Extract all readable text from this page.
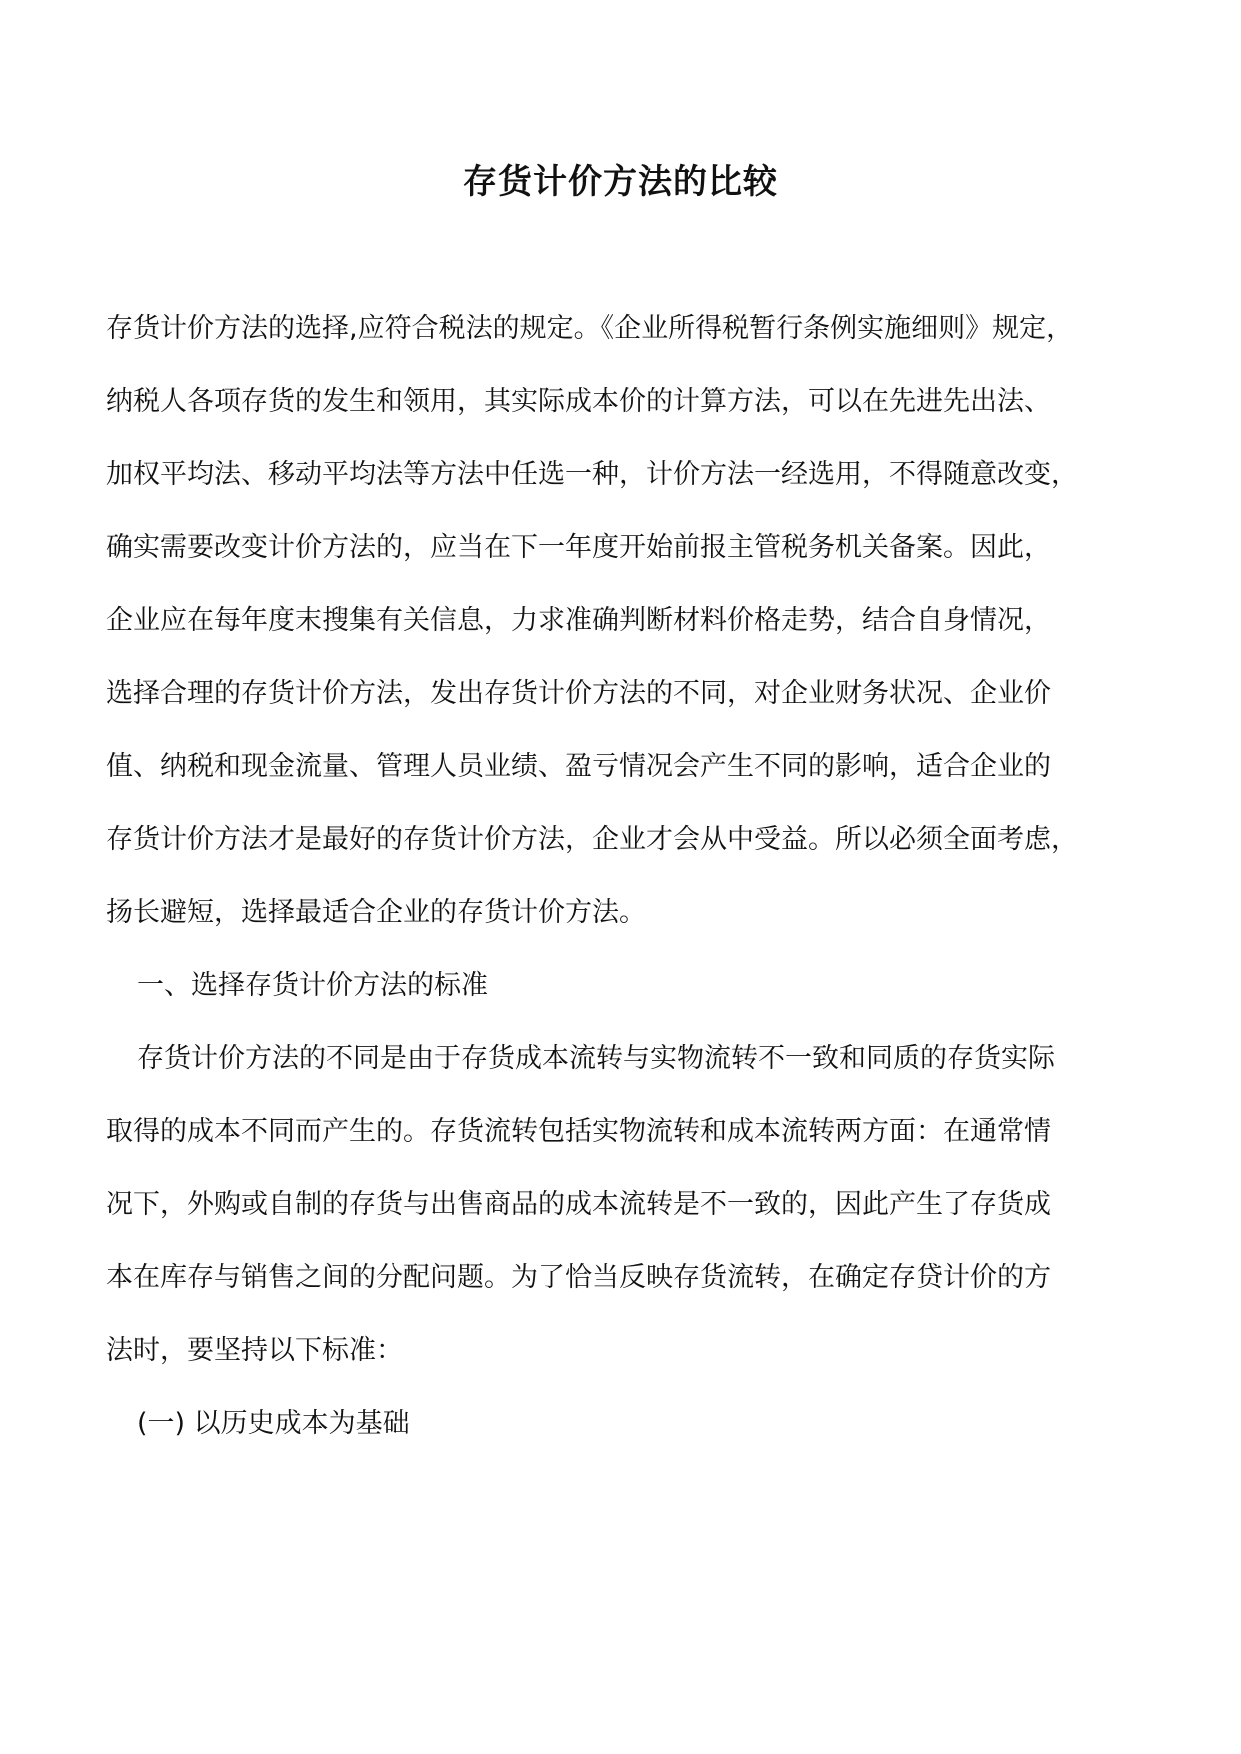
存货计价方法的比较
存货计价方法的选择,应符合税法的规定。《企业所得税暂行条例实施细则》规定，
纳税人各项存货的发生和领用，其实际成本价的计算方法，可以在先进先出法、
加权平均法、移动平均法等方法中任选一种，计价方法一经选用，不得随意改变，
确实需要改变计价方法的，应当在下一年度开始前报主管税务机关备案。因此，
企业应在每年度末搜集有关信息，力求准确判断材料价格走势，结合自身情况，
选择合理的存货计价方法，发出存货计价方法的不同，对企业财务状况、企业价
值、纳税和现金流量、管理人员业绩、盈亏情况会产生不同的影响，适合企业的
存货计价方法才是最好的存货计价方法，企业才会从中受益。所以必须全面考虑，
扬长避短，选择最适合企业的存货计价方法。
一、选择存货计价方法的标准
存货计价方法的不同是由于存货成本流转与实物流转不一致和同质的存货实际
取得的成本不同而产生的。存货流转包括实物流转和成本流转两方面：在通常情
况下，外购或自制的存货与出售商品的成本流转是不一致的，因此产生了存货成
本在库存与销售之间的分配问题。为了恰当反映存货流转，在确定存贷计价的方
法时，要坚持以下标准：
(一) 以历史成本为基础
